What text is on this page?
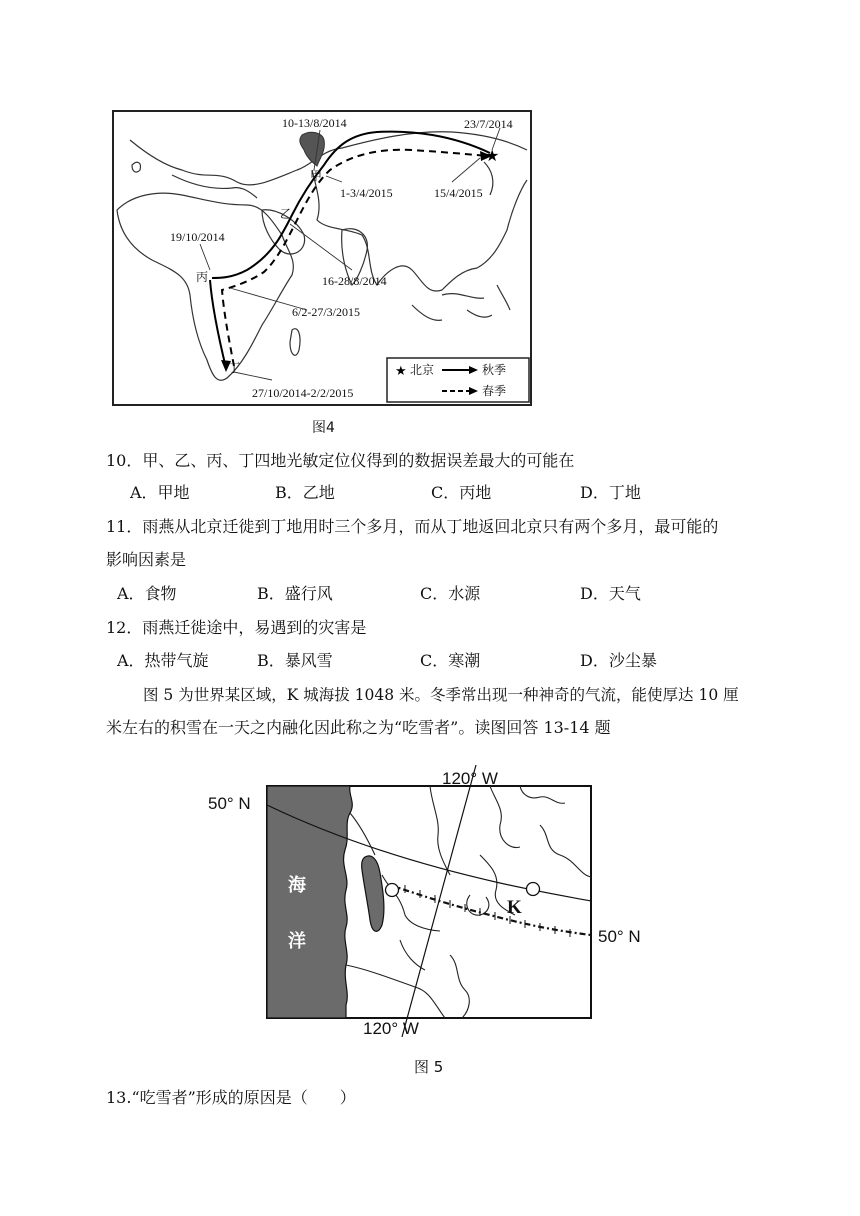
★
10-13/8/2014	23/7/2014
1-3/4/2015	15/4/2015
19/10/2014
16-28/8/2014
6/2-27/3/2015
27/10/2014-2/2/2015
甲
乙
丙
丁	★ 北京	秋季
春季
图4
10．甲、乙、丙、丁四地光敏定位仪得到的数据误差最大的可能在
A．甲地	B．乙地	C．丙地	D．丁地
11．雨燕从北京迁徙到丁地用时三个多月，而从丁地返回北京只有两个多月，最可能的
影响因素是
A．食物	B．盛行风	C．水源	D．天气
12．雨燕迁徙途中，易遇到的灾害是
A．热带气旋	B．暴风雪	C．寒潮	D．沙尘暴
图 5 为世界某区域，K 城海拔 1048 米。冬季常出现一种神奇的气流，能使厚达 10 厘
米左右的积雪在一天之内融化因此称之为“吃雪者”。读图回答 13-14 题
120° W
120° W
50° N
50° N
海
洋
K
图 5
13.“吃雪者”形成的原因是（　　）
